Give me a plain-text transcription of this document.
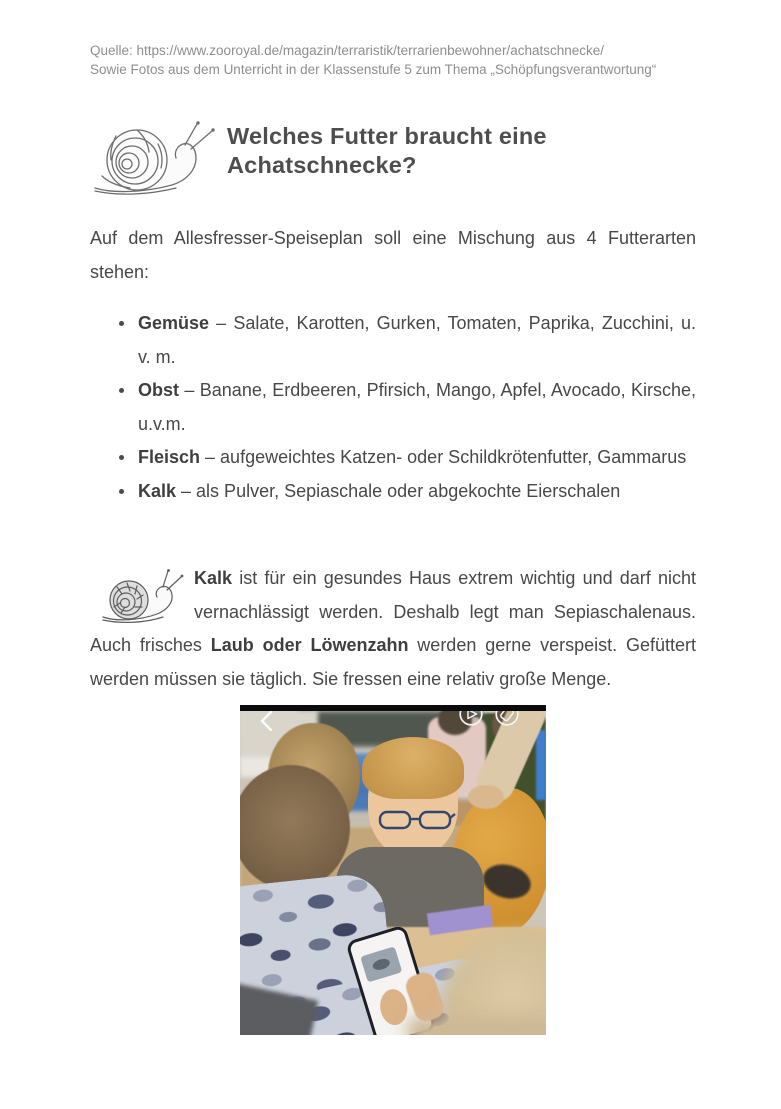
Quelle: https://www.zooroyal.de/magazin/terraristik/terrarienbewohner/achatschnecke/
Sowie Fotos aus dem Unterricht in der Klassenstufe 5 zum Thema „Schöpfungsverantwortung“
Welches Futter braucht eine Achatschnecke?

Auf dem Allesfresser-Speiseplan soll eine Mischung aus 4 Futterarten stehen:

Gemüse – Salate, Karotten, Gurken, Tomaten, Paprika, Zucchini, u. v. m.
Obst – Banane, Erdbeeren, Pfirsich, Mango, Apfel, Avocado, Kirsche, u.v.m.
Fleisch – aufgeweichtes Katzen- oder Schildkrötenfutter, Gammarus
Kalk – als Pulver, Sepiaschale oder abgekochte Eierschalen

Kalk ist für ein gesundes Haus extrem wichtig und darf nicht vernachlässigt werden. Deshalb legt man Sepiaschalenaus. Auch frisches Laub oder Löwenzahn werden gerne verspeist. Gefüttert werden müssen sie täglich. Sie fressen eine relativ große Menge.
